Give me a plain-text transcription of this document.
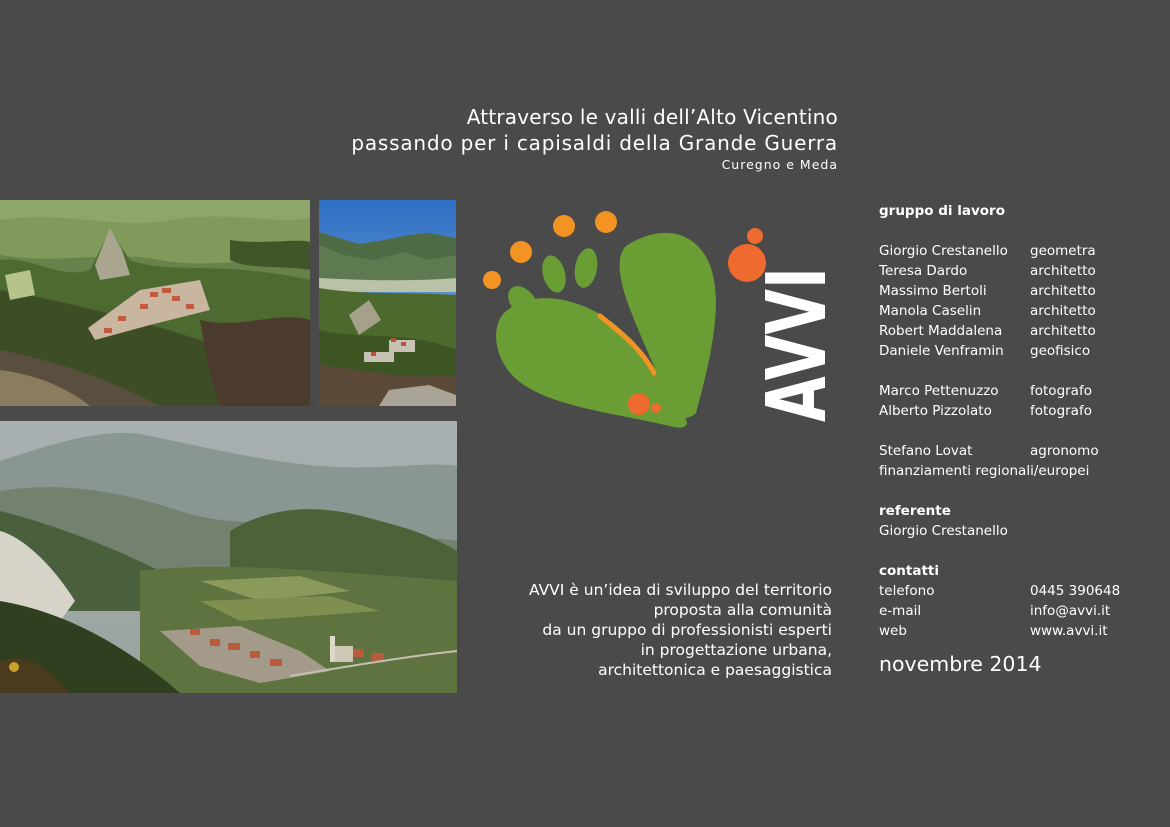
Attraverso le valli dell’Alto Vicentino
passando per i capisaldi della Grande Guerra
Curegno e Meda
AVVI	gruppo di lavoro
Giorgio Crestanello	geometra
Teresa Dardo	architetto
Massimo Bertoli	architetto
Manola Caselin	architetto
Robert Maddalena	architetto
Daniele Venframin	geofisico
Marco Pettenuzzo	fotografo
Alberto Pizzolato	fotografo
Stefano Lovat	agronomo
finanziamenti regionali/europei
referente
Giorgio Crestanello
contatti
telefono	0445 390648
e-mail	info@avvi.it
web	www.avvi.it
novembre 2014
AVVI è un’idea di sviluppo del territorio
proposta alla comunità
da un gruppo di professionisti esperti
in progettazione urbana,
architettonica e paesaggistica
